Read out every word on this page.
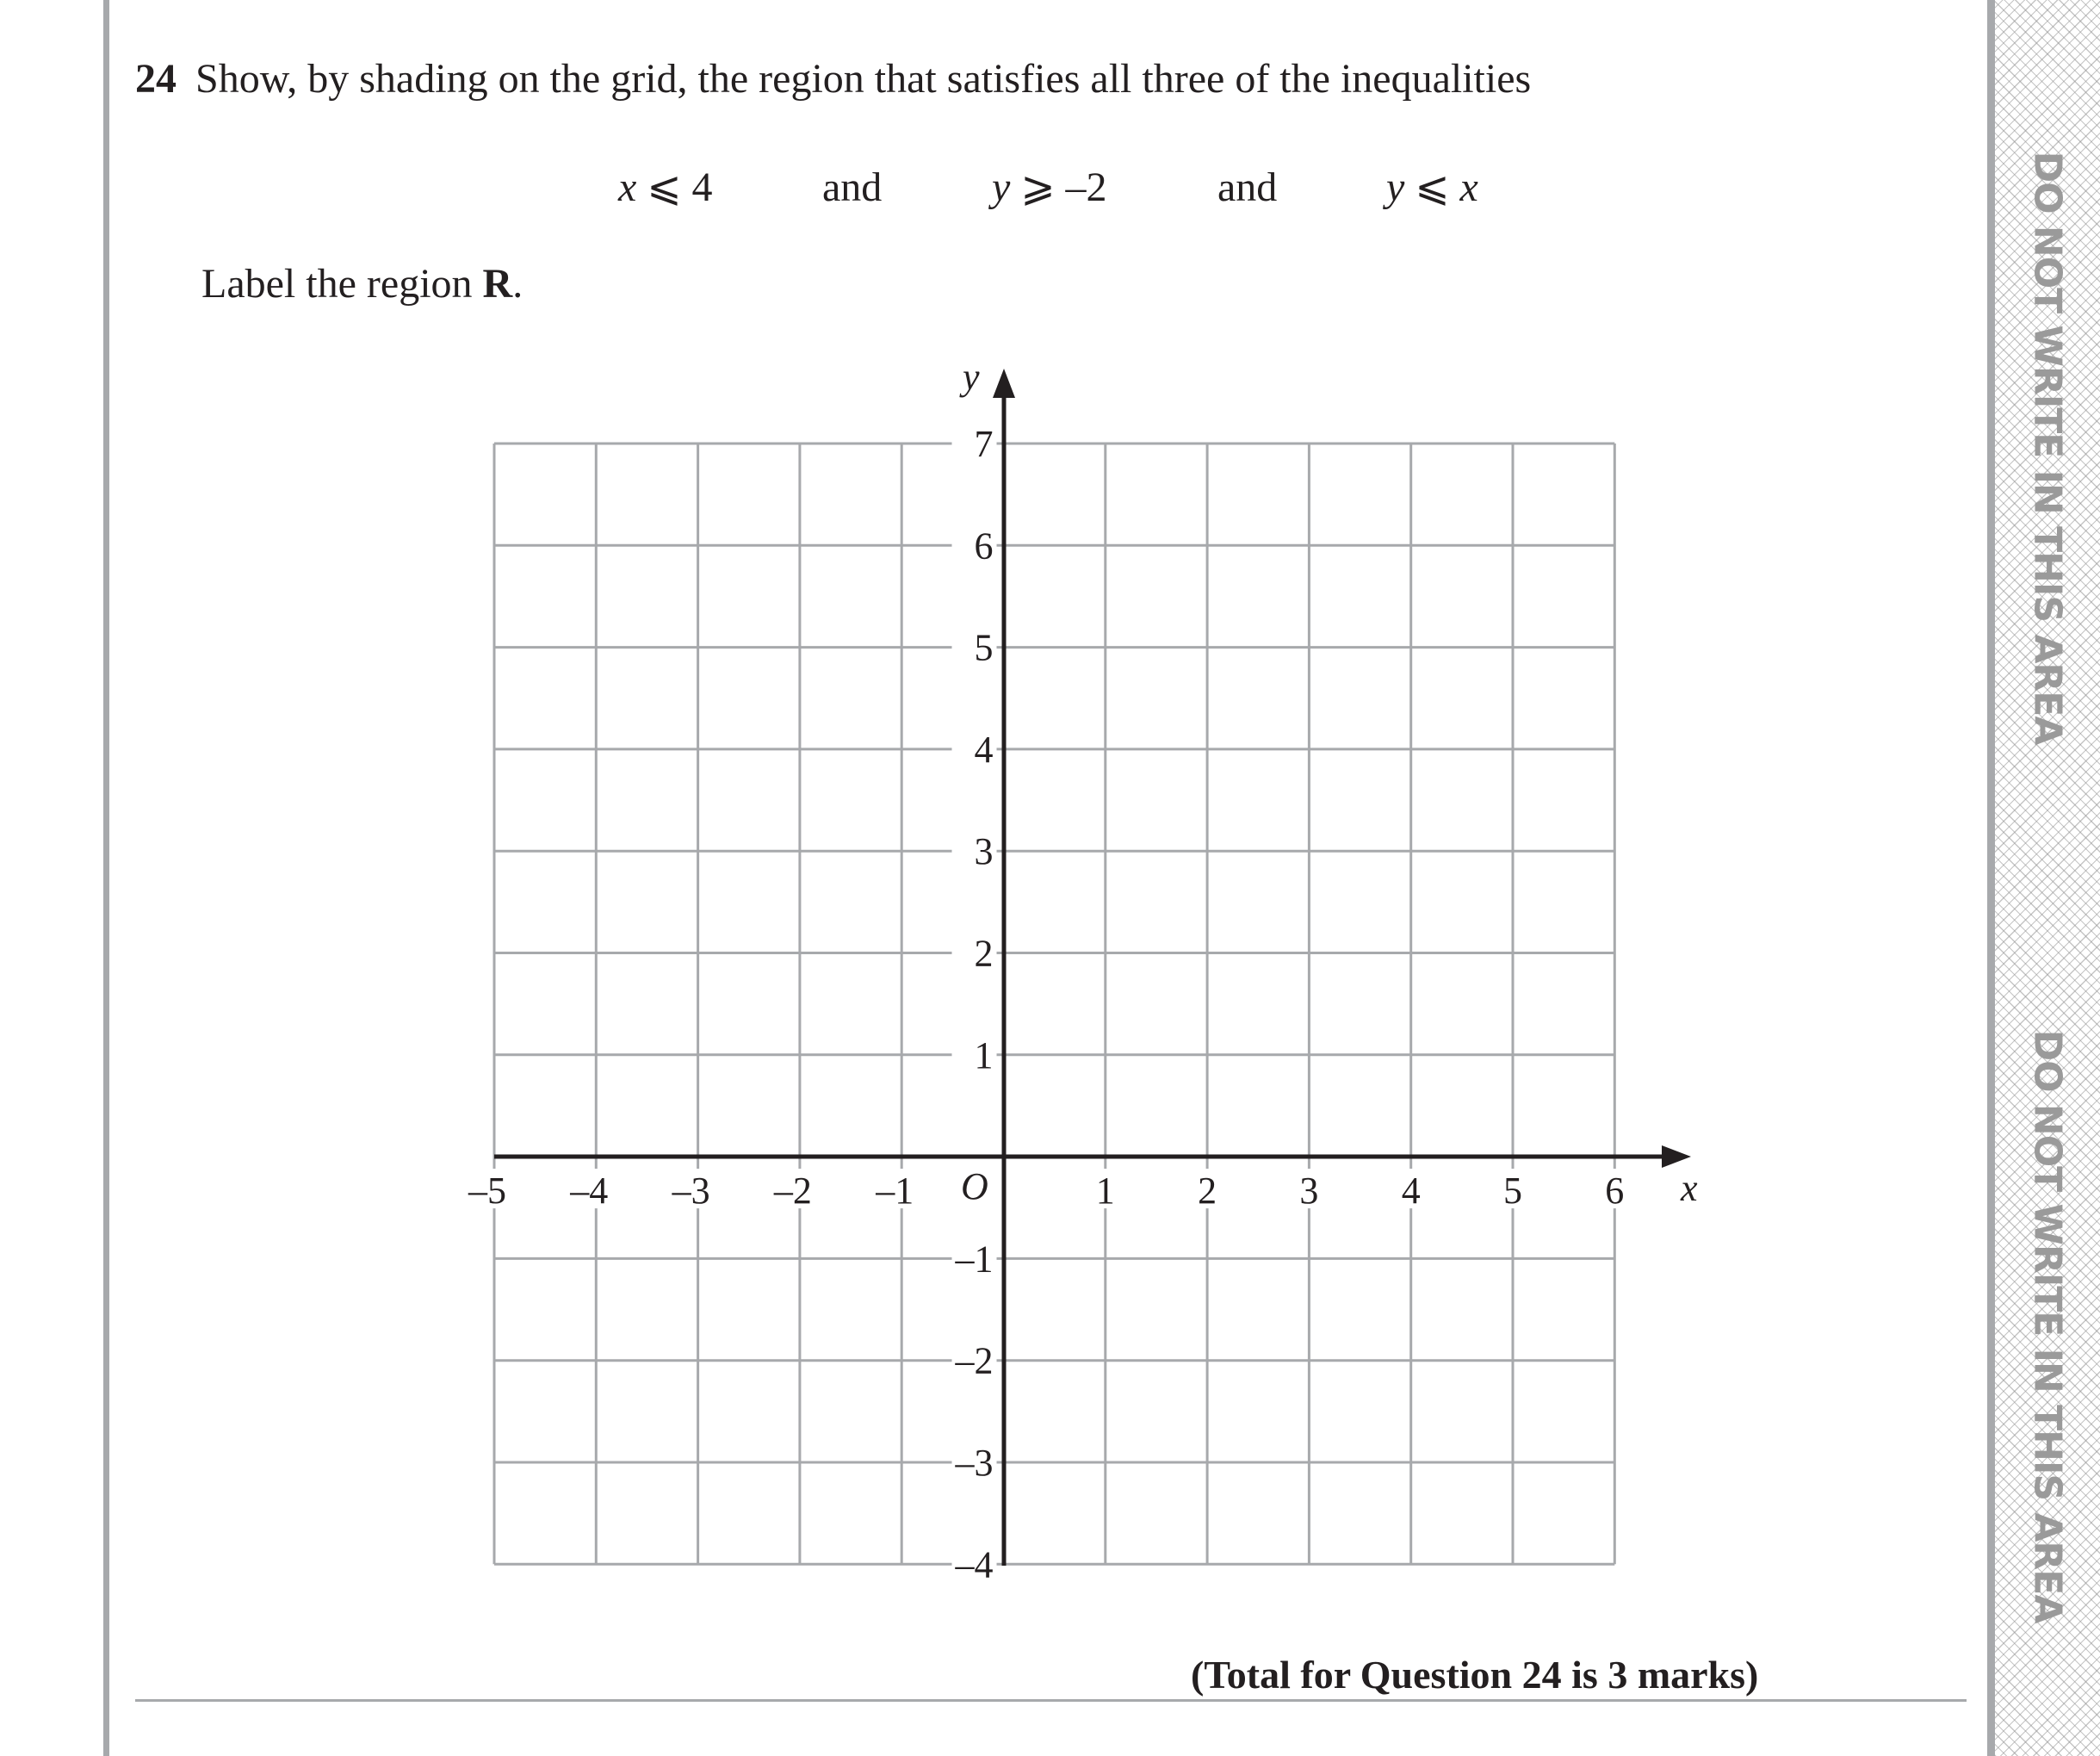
24 Show, by shading on the grid, the region that satisfies all three of the inequalities
x ⩽ 4	and	y ⩾ –2	and	y ⩽ x
Label the region R.
–5 –4 –3 –2 –1	1 2 3 4 5 6
7
6
5
4
3
2
1
–1
–2
–3
–4
x
y
O
(Total for Question 24 is 3 marks)
DO NOT WRITE IN THIS AREA
DO NOT WRITE IN THIS AREA
